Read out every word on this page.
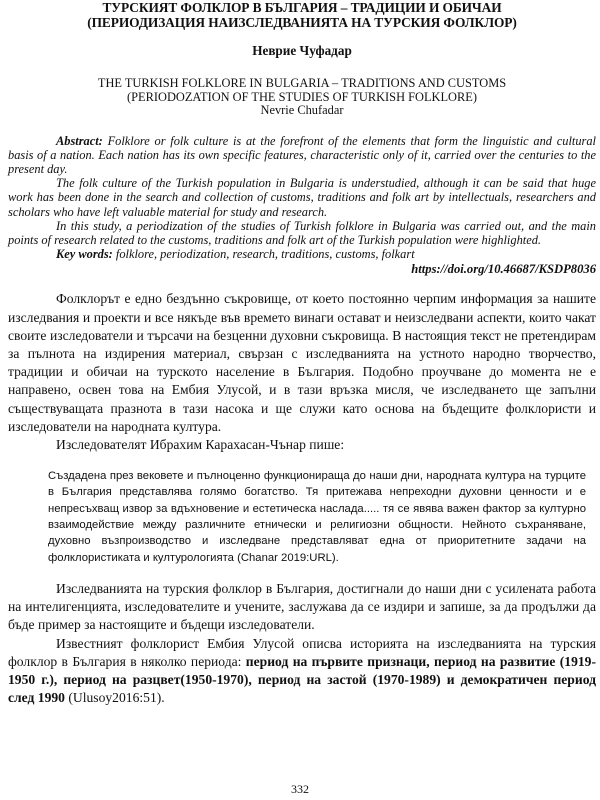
ТУРСКИЯТ ФОЛКЛОР В БЪЛГАРИЯ – ТРАДИЦИИ И ОБИЧАИ
(ПЕРИОДИЗАЦИЯ НАИЗСЛЕДВАНИЯТА НА ТУРСКИЯ ФОЛКЛОР)
Неврие Чуфадар
THE TURKISH FOLKLORE IN BULGARIA – TRADITIONS AND CUSTOMS
(PERIODOZATION OF THE STUDIES OF TURKISH FOLKLORE)
Nevrie Chufadar

Abstract: Folklore or folk culture is at the forefront of the elements that form the linguistic and cultural basis of a nation. Each nation has its own specific features, characteristic only of it, carried over the centuries to the present day.

The folk culture of the Turkish population in Bulgaria is understudied, although it can be said that huge work has been done in the search and collection of customs, traditions and folk art by intellectuals, researchers and scholars who have left valuable material for study and research.

In this study, a periodization of the studies of Turkish folklore in Bulgaria was carried out, and the main points of research related to the customs, traditions and folk art of the Turkish population were highlighted.

Key words: folklore, periodization, research, traditions, customs, folkart
https://doi.org/10.46687/KSDP8036

Фолклорът е едно бездънно съкровище, от което постоянно черпим информация за нашите изследвания и проекти и все някъде във времето винаги остават и неизследвани аспекти, които чакат своите изследователи и търсачи на безценни духовни съкровища. В настоящия текст не претендирам за пълнота на издирения материал, свързан с изследванията на устното народно творчество, традиции и обичаи на турското население в България. Подобно проучване до момента не е направено, освен това на Ембия Улусой, и в тази връзка мисля, че изследването ще запълни съществуващата празнота в тази насока и ще служи като основа на бъдещите фолклористи и изследователи на народната култура.

Изследователят Ибрахим Карахасан-Чънар пише:

Създадена през вековете и пълноценно функционираща до наши дни, народната култура на турците в България представлява голямо богатство. Тя притежава непреходни духовни ценности и е непресъхващ извор за вдъхновение и естетическа наслада..... тя се явява важен фактор за културно взаимодействие между различните етнически и религиозни общности. Нейното съхраняване, духовно възпроизводство и изследване представляват една от приоритетните задачи на фолклористиката и културологията (Chanar 2019:URL).

Изследванията на турския фолклор в България, достигнали до наши дни с усилената работа на интелигенцията, изследователите и учените, заслужава да се издири и запише, за да продължи да бъде пример за настоящите и бъдещи изследователи.

Известният фолклорист Ембия Улусой описва историята на изследванията на турския фолклор в България в няколко периода: период на първите признаци, период на развитие (1919-1950 г.), период на разцвет(1950-1970), период на застой (1970-1989) и демократичен период след 1990 (Ulusoy2016:51).

332
